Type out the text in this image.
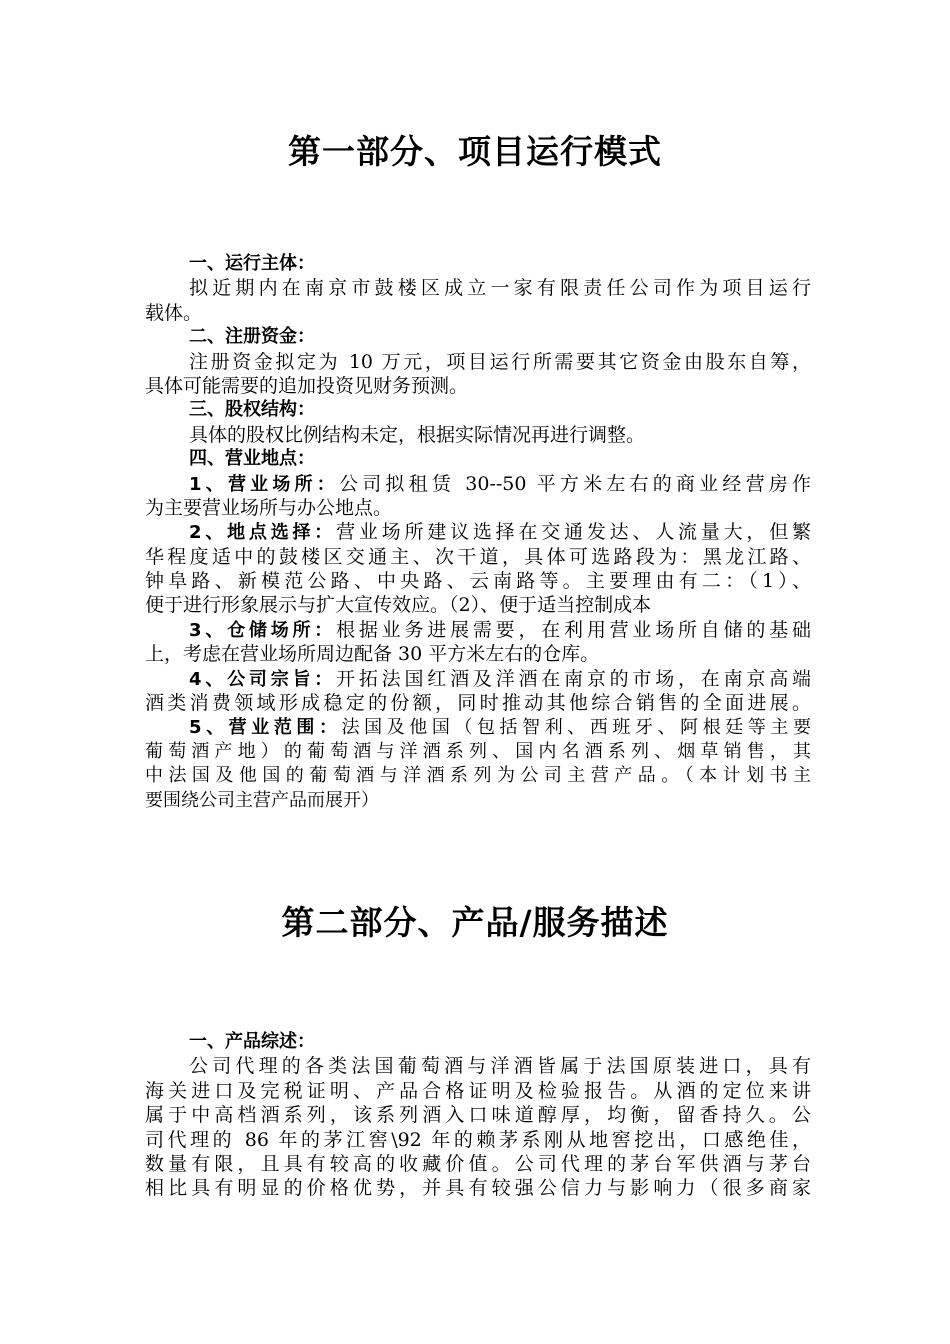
第一部分、项目运行模式
一、运行主体：
拟近期内在南京市鼓楼区成立一家有限责任公司作为项目运行
载体。
二、注册资金：
注册资金拟定为 10 万元，项目运行所需要其它资金由股东自筹，
具体可能需要的追加投资见财务预测。
三、股权结构：
具体的股权比例结构未定，根据实际情况再进行调整。
四、营业地点：
1、营业场所：公司拟租赁 30--50 平方米左右的商业经营房作
为主要营业场所与办公地点。
2、地点选择：营业场所建议选择在交通发达、人流量大，但繁
华程度适中的鼓楼区交通主、次干道，具体可选路段为：黑龙江路、
钟阜路、新模范公路、中央路、云南路等。主要理由有二：（1）、
便于进行形象展示与扩大宣传效应。（2）、便于适当控制成本
3、仓储场所：根据业务进展需要，在利用营业场所自储的基础
上，考虑在营业场所周边配备 30 平方米左右的仓库。
4、公司宗旨：开拓法国红酒及洋酒在南京的市场，在南京高端
酒类消费领域形成稳定的份额，同时推动其他综合销售的全面进展。
5、营业范围：法国及他国（包括智利、西班牙、阿根廷等主要
葡萄酒产地）的葡萄酒与洋酒系列、国内名酒系列、烟草销售，其
中法国及他国的葡萄酒与洋酒系列为公司主营产品。（本计划书主
要围绕公司主营产品而展开）
第二部分、产品/服务描述
一、产品综述：
公司代理的各类法国葡萄酒与洋酒皆属于法国原装进口，具有
海关进口及完税证明、产品合格证明及检验报告。从酒的定位来讲
属于中高档酒系列，该系列酒入口味道醇厚，均衡，留香持久。公
司代理的 86 年的茅江窖\92 年的赖茅系刚从地窖挖出，口感绝佳，
数量有限，且具有较高的收藏价值。公司代理的茅台军供酒与茅台
相比具有明显的价格优势，并具有较强公信力与影响力（很多商家
